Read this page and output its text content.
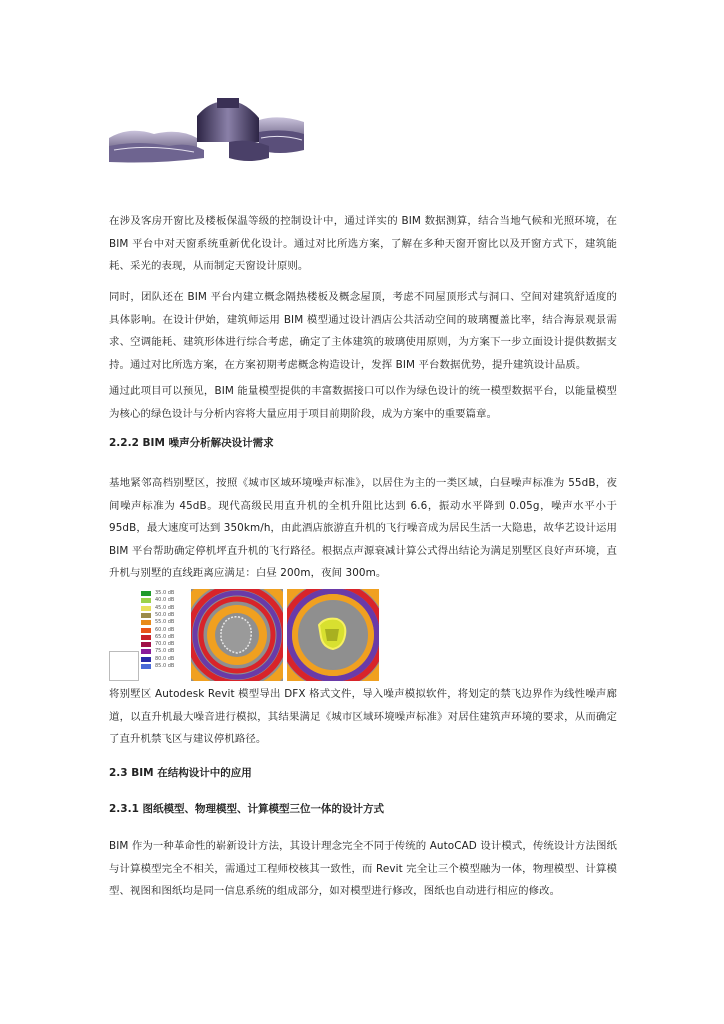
在涉及客房开窗比及楼板保温等级的控制设计中，通过详实的 BIM 数据测算，结合当地气候和光照环境，在 BIM 平台中对天窗系统重新优化设计。通过对比所选方案，了解在多种天窗开窗比以及开窗方式下，建筑能耗、采光的表现，从而制定天窗设计原则。

同时，团队还在 BIM 平台内建立概念隔热楼板及概念屋顶，考虑不同屋顶形式与洞口、空间对建筑舒适度的具体影响。在设计伊始，建筑师运用 BIM 模型通过设计酒店公共活动空间的玻璃覆盖比率，结合海景观景需求、空调能耗、建筑形体进行综合考虑，确定了主体建筑的玻璃使用原则，为方案下一步立面设计提供数据支持。通过对比所选方案，在方案初期考虑概念构造设计，发挥 BIM 平台数据优势，提升建筑设计品质。

通过此项目可以预见，BIM 能量模型提供的丰富数据接口可以作为绿色设计的统一模型数据平台，以能量模型为核心的绿色设计与分析内容将大量应用于项目前期阶段，成为方案中的重要篇章。

2.2.2 BIM 噪声分析解决设计需求

基地紧邻高档别墅区，按照《城市区域环境噪声标准》，以居住为主的一类区域，白昼噪声标准为 55dB，夜间噪声标准为 45dB。现代高级民用直升机的全机升阻比达到 6.6，振动水平降到 0.05g，噪声水平小于 95dB，最大速度可达到 350km/h，由此酒店旅游直升机的飞行噪音成为居民生活一大隐患，故华艺设计运用 BIM 平台帮助确定停机坪直升机的飞行路径。根据点声源衰减计算公式得出结论为满足别墅区良好声环境，直升机与别墅的直线距离应满足：白昼 200m，夜间 300m。

35.0 dB
40.0 dB
45.0 dB
50.0 dB
55.0 dB
60.0 dB
65.0 dB
70.0 dB
75.0 dB
80.0 dB
85.0 dB

将别墅区 Autodesk Revit 模型导出 DFX 格式文件，导入噪声模拟软件，将划定的禁飞边界作为线性噪声廊道，以直升机最大噪音进行模拟，其结果满足《城市区域环境噪声标准》对居住建筑声环境的要求，从而确定了直升机禁飞区与建议停机路径。

2.3 BIM 在结构设计中的应用
2.3.1 图纸模型、物理模型、计算模型三位一体的设计方式

BIM 作为一种革命性的崭新设计方法，其设计理念完全不同于传统的 AutoCAD 设计模式，传统设计方法图纸与计算模型完全不相关，需通过工程师校核其一致性，而 Revit 完全让三个模型融为一体，物理模型、计算模型、视图和图纸均是同一信息系统的组成部分，如对模型进行修改，图纸也自动进行相应的修改。
